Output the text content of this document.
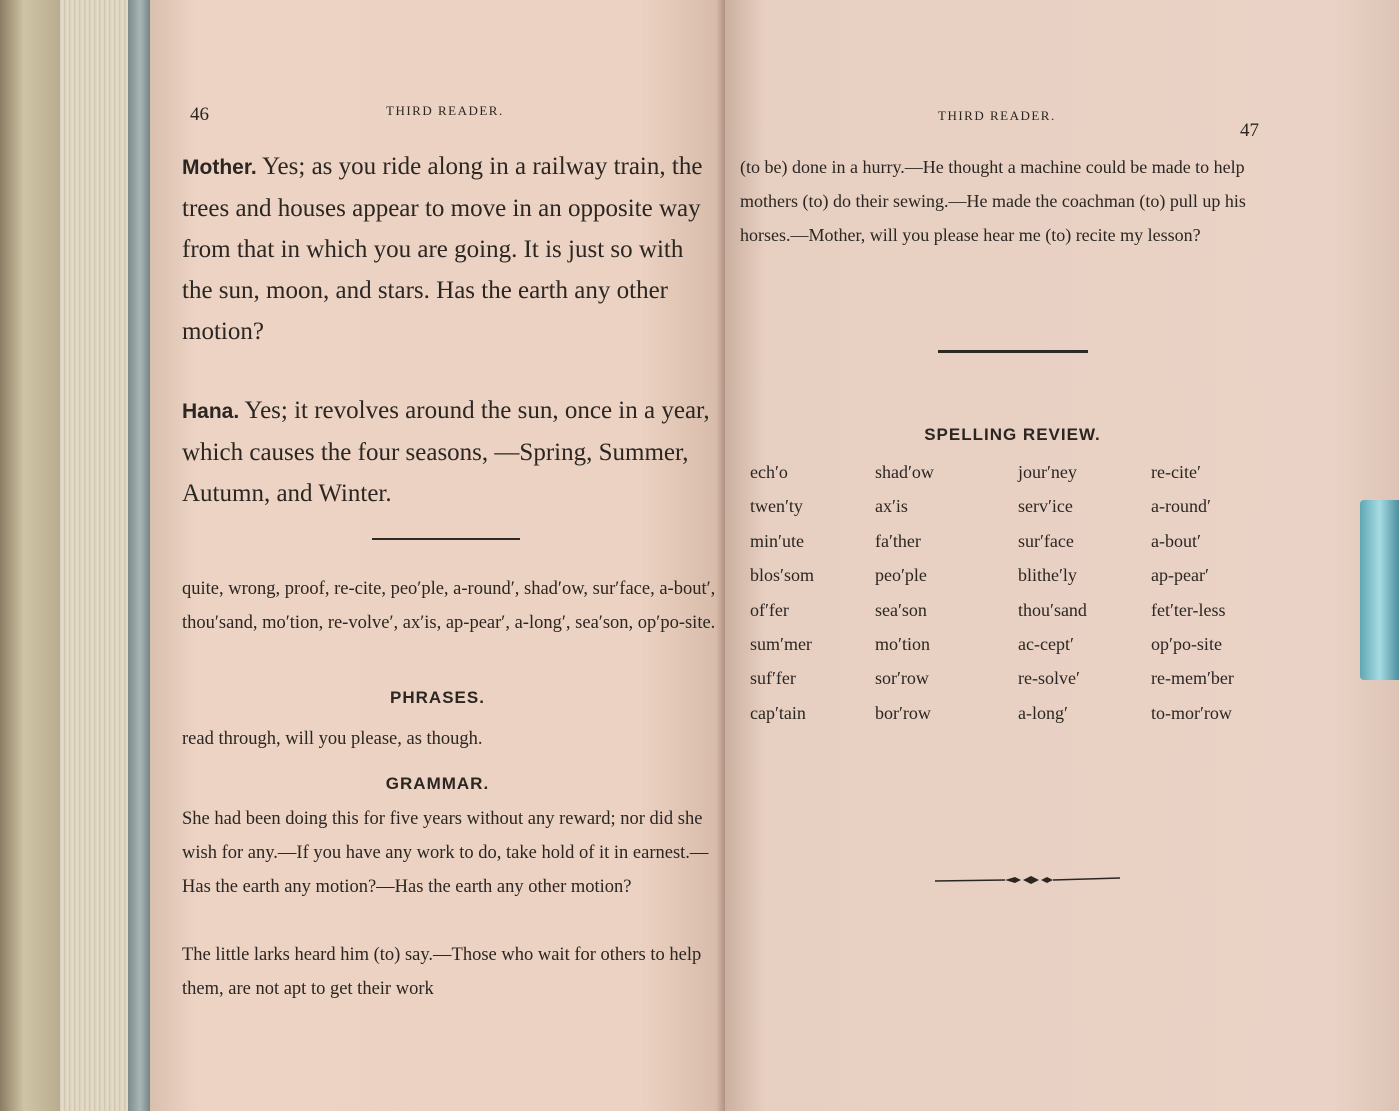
46	THIRD READER.

Mother. Yes; as you ride along in a railway train, the trees and houses appear to move in an opposite way from that in which you are going. It is just so with the sun, moon, and stars. Has the earth any other motion?

Hana. Yes; it revolves around the sun, once in a year, which causes the four seasons, —Spring, Summer, Autumn, and Winter.

quite, wrong, proof, re-cite, peo′ple, a-round′, shad′ow, sur′face, a-bout′, thou′sand, mo′tion, re-volve′, ax′is, ap-pear′, a-long′, sea′son, op′po-site.

PHRASES.

read through, will you please, as though.

GRAMMAR.

She had been doing this for five years without any reward; nor did she wish for any.—If you have any work to do, take hold of it in earnest.—Has the earth any motion?—Has the earth any other motion?

The little larks heard him (to) say.—Those who wait for others to help them, are not apt to get their work

THIRD READER.
47

(to be) done in a hurry.—He thought a machine could be made to help mothers (to) do their sewing.—He made the coachman (to) pull up his horses.—Mother, will you please hear me (to) recite my lesson?

SPELLING REVIEW.
ech′o	shad′ow	jour′ney	re-cite′
twen′ty	ax′is	serv′ice	a-round′
min′ute	fa′ther	sur′face	a-bout′
blos′som	peo′ple	blithe′ly	ap-pear′
of′fer	sea′son	thou′sand	fet′ter-less
sum′mer	mo′tion	ac-cept′	op′po-site
suf′fer	sor′row	re-solve′	re-mem′ber
cap′tain	bor′row	a-long′	to-mor′row
